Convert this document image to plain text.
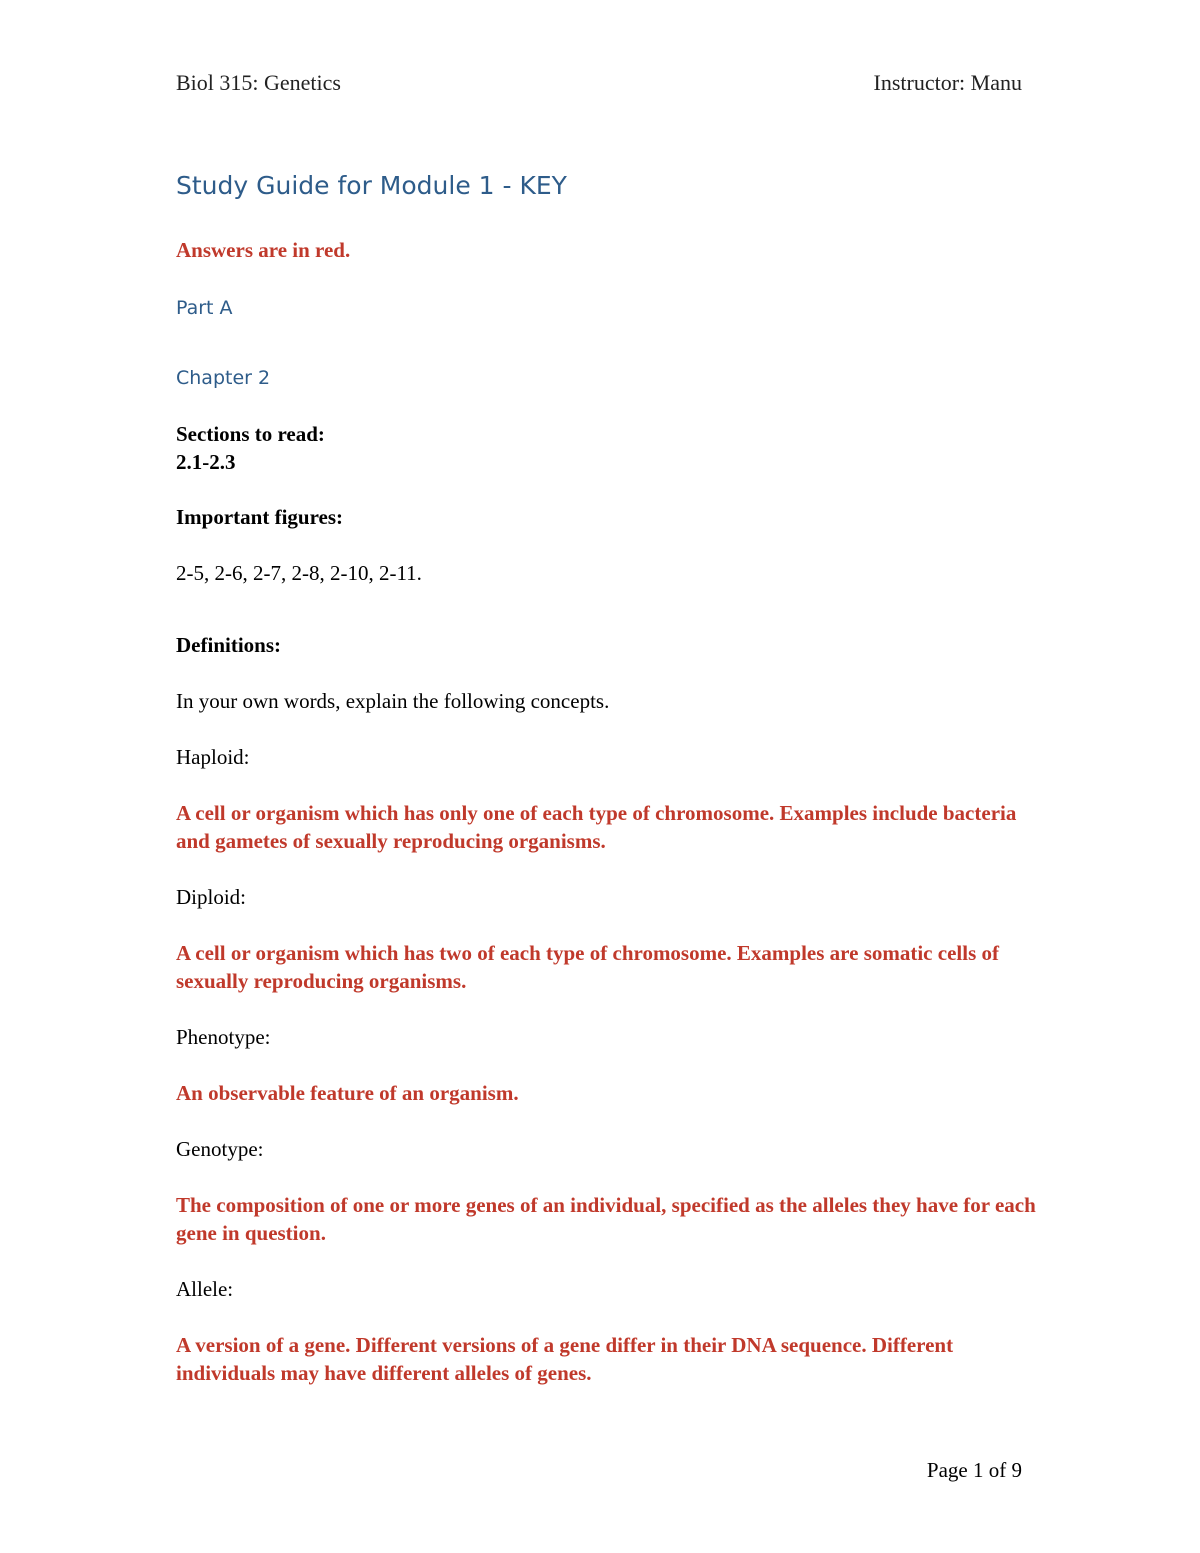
Biol 315: Genetics	Instructor: Manu
Study Guide for Module 1 - KEY
Answers are in red.
Part A
Chapter 2

Sections to read:

2.1-2.3

Important figures:

2-5, 2-6, 2-7, 2-8, 2-10, 2-11.

Definitions:

In your own words, explain the following concepts.

Haploid:

A cell or organism which has only one of each type of chromosome. Examples include bacteria and gametes of sexually reproducing organisms.

Diploid:

A cell or organism which has two of each type of chromosome. Examples are somatic cells of sexually reproducing organisms.

Phenotype:

An observable feature of an organism.

Genotype:

The composition of one or more genes of an individual, specified as the alleles they have for each gene in question.

Allele:

A version of a gene. Different versions of a gene differ in their DNA sequence. Different individuals may have different alleles of genes.

Page 1 of 9
